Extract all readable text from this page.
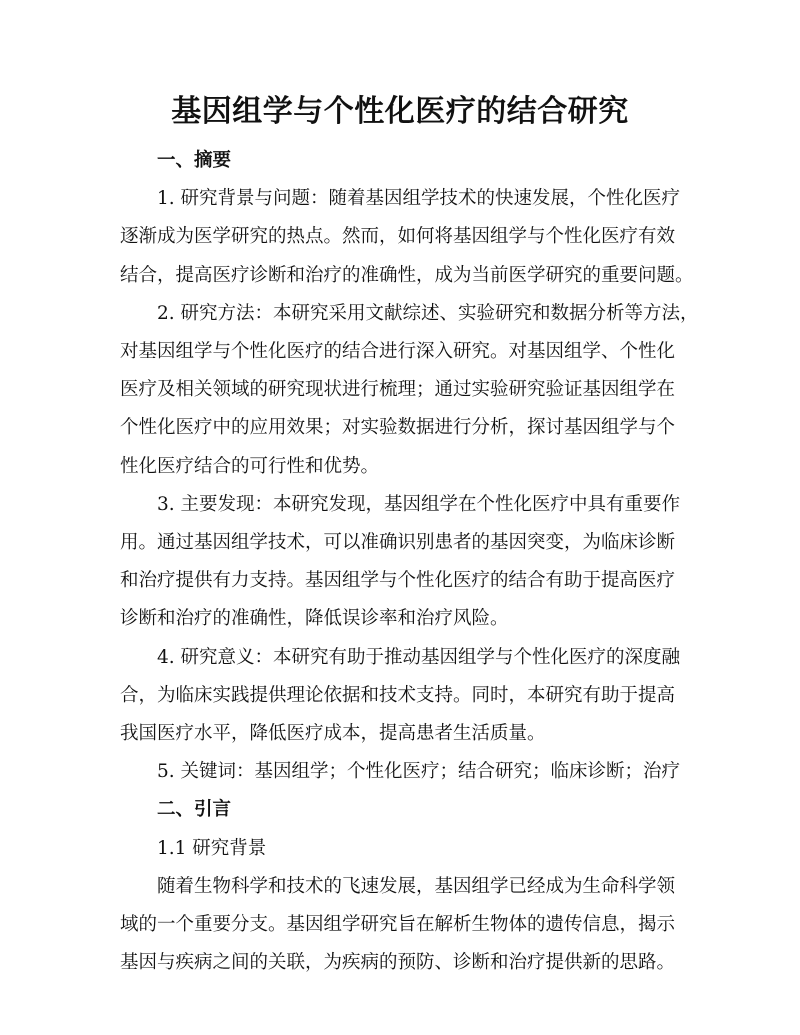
基因组学与个性化医疗的结合研究
一、摘要
1. 研究背景与问题：随着基因组学技术的快速发展，个性化医疗
逐渐成为医学研究的热点。然而，如何将基因组学与个性化医疗有效
结合，提高医疗诊断和治疗的准确性，成为当前医学研究的重要问题。
2. 研究方法：本研究采用文献综述、实验研究和数据分析等方法，
对基因组学与个性化医疗的结合进行深入研究。对基因组学、个性化
医疗及相关领域的研究现状进行梳理；通过实验研究验证基因组学在
个性化医疗中的应用效果；对实验数据进行分析，探讨基因组学与个
性化医疗结合的可行性和优势。
3. 主要发现：本研究发现，基因组学在个性化医疗中具有重要作
用。通过基因组学技术，可以准确识别患者的基因突变，为临床诊断
和治疗提供有力支持。基因组学与个性化医疗的结合有助于提高医疗
诊断和治疗的准确性，降低误诊率和治疗风险。
4. 研究意义：本研究有助于推动基因组学与个性化医疗的深度融
合，为临床实践提供理论依据和技术支持。同时，本研究有助于提高
我国医疗水平，降低医疗成本，提高患者生活质量。
5. 关键词：基因组学；个性化医疗；结合研究；临床诊断；治疗
二、引言
1.1 研究背景
随着生物科学和技术的飞速发展，基因组学已经成为生命科学领
域的一个重要分支。基因组学研究旨在解析生物体的遗传信息，揭示
基因与疾病之间的关联，为疾病的预防、诊断和治疗提供新的思路。
